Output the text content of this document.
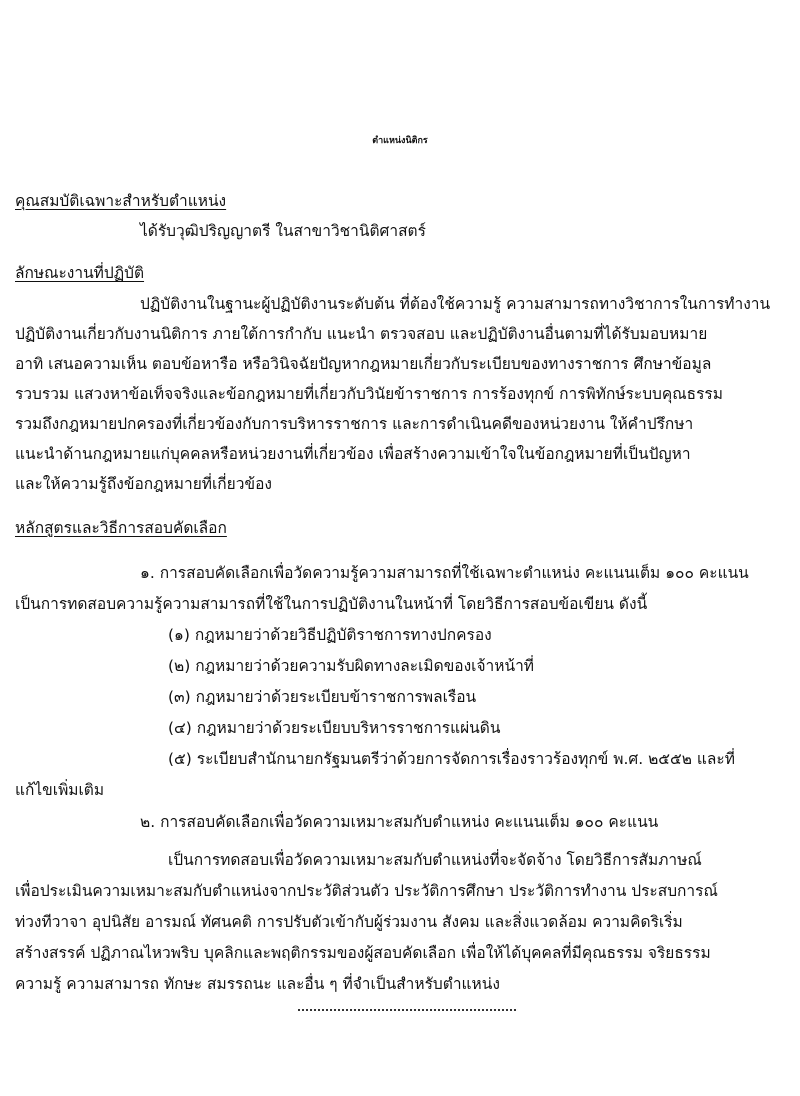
ตำแหน่งนิติกร
คุณสมบัติเฉพาะสำหรับตำแหน่ง
ได้รับวุฒิปริญญาตรี ในสาขาวิชานิติศาสตร์
ลักษณะงานที่ปฏิบัติ
ปฏิบัติงานในฐานะผู้ปฏิบัติงานระดับต้น ที่ต้องใช้ความรู้ ความสามารถทางวิชาการในการทำงาน
ปฏิบัติงานเกี่ยวกับงานนิติการ ภายใต้การกำกับ แนะนำ ตรวจสอบ และปฏิบัติงานอื่นตามที่ได้รับมอบหมาย
อาทิ เสนอความเห็น ตอบข้อหารือ หรือวินิจฉัยปัญหากฎหมายเกี่ยวกับระเบียบของทางราชการ ศึกษาข้อมูล
รวบรวม แสวงหาข้อเท็จจริงและข้อกฎหมายที่เกี่ยวกับวินัยข้าราชการ การร้องทุกข์ การพิทักษ์ระบบคุณธรรม
รวมถึงกฎหมายปกครองที่เกี่ยวข้องกับการบริหารราชการ และการดำเนินคดีของหน่วยงาน ให้คำปรึกษา
แนะนำด้านกฎหมายแก่บุคคลหรือหน่วยงานที่เกี่ยวข้อง เพื่อสร้างความเข้าใจในข้อกฎหมายที่เป็นปัญหา
และให้ความรู้ถึงข้อกฎหมายที่เกี่ยวข้อง
หลักสูตรและวิธีการสอบคัดเลือก
๑. การสอบคัดเลือกเพื่อวัดความรู้ความสามารถที่ใช้เฉพาะตำแหน่ง คะแนนเต็ม ๑๐๐ คะแนน
เป็นการทดสอบความรู้ความสามารถที่ใช้ในการปฏิบัติงานในหน้าที่ โดยวิธีการสอบข้อเขียน ดังนี้
(๑) กฎหมายว่าด้วยวิธีปฏิบัติราชการทางปกครอง
(๒) กฎหมายว่าด้วยความรับผิดทางละเมิดของเจ้าหน้าที่
(๓) กฎหมายว่าด้วยระเบียบข้าราชการพลเรือน
(๔) กฎหมายว่าด้วยระเบียบบริหารราชการแผ่นดิน
(๕) ระเบียบสำนักนายกรัฐมนตรีว่าด้วยการจัดการเรื่องราวร้องทุกข์ พ.ศ. ๒๕๕๒ และที่
แก้ไขเพิ่มเติม
๒. การสอบคัดเลือกเพื่อวัดความเหมาะสมกับตำแหน่ง คะแนนเต็ม ๑๐๐ คะแนน
เป็นการทดสอบเพื่อวัดความเหมาะสมกับตำแหน่งที่จะจัดจ้าง โดยวิธีการสัมภาษณ์
เพื่อประเมินความเหมาะสมกับตำแหน่งจากประวัติส่วนตัว ประวัติการศึกษา ประวัติการทำงาน ประสบการณ์
ท่วงทีวาจา อุปนิสัย อารมณ์ ทัศนคติ การปรับตัวเข้ากับผู้ร่วมงาน สังคม และสิ่งแวดล้อม ความคิดริเริ่ม
สร้างสรรค์ ปฏิภาณไหวพริบ บุคลิกและพฤติกรรมของผู้สอบคัดเลือก เพื่อให้ได้บุคคลที่มีคุณธรรม จริยธรรม
ความรู้ ความสามารถ ทักษะ สมรรถนะ และอื่น ๆ ที่จำเป็นสำหรับตำแหน่ง
